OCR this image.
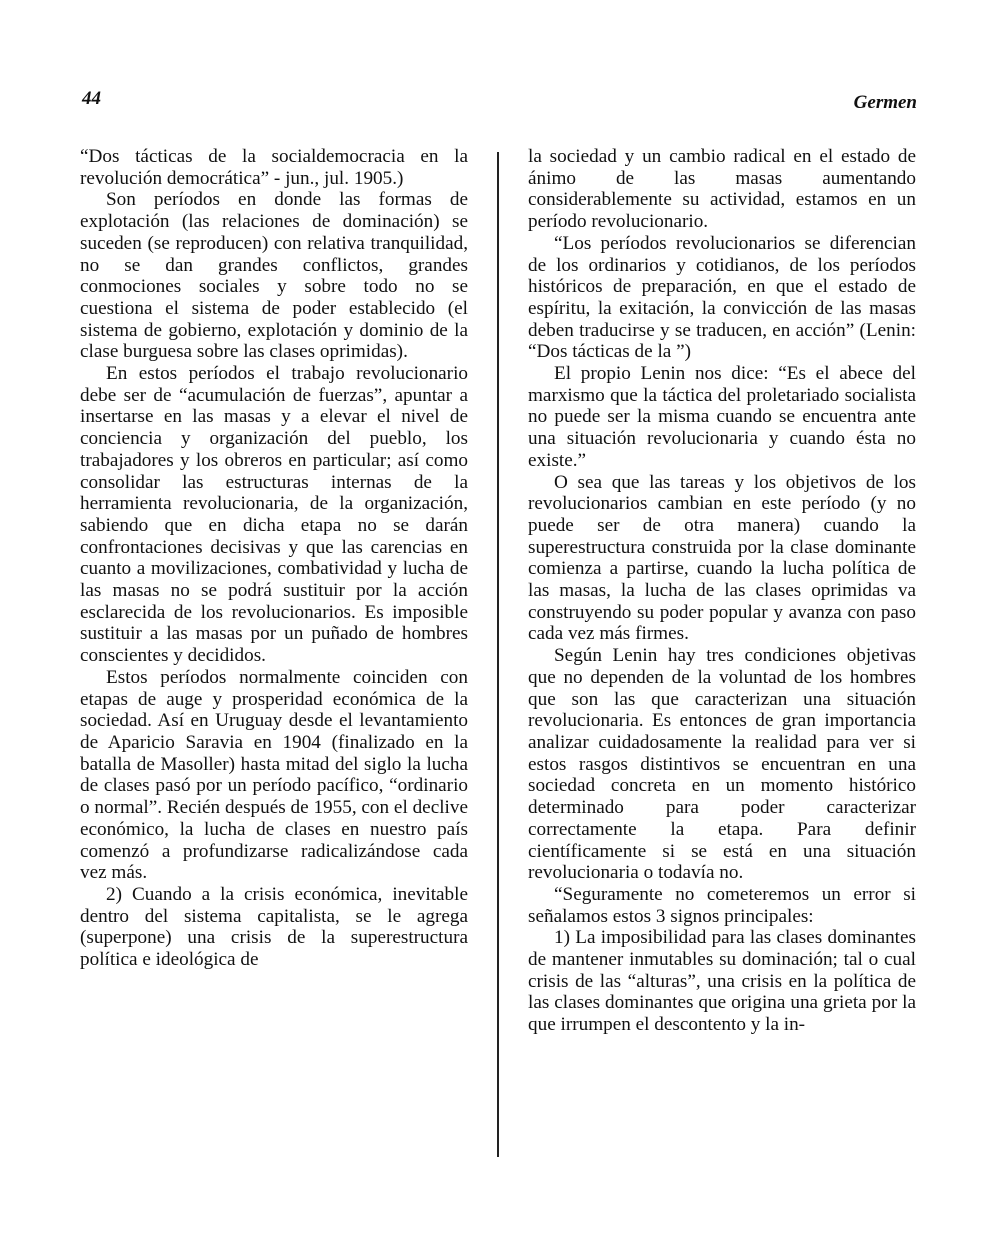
44	Germen

“Dos tácticas de la socialdemocracia en la revolución democrática” - jun., jul. 1905.)

Son períodos en donde las formas de explotación (las relaciones de dominación) se suceden (se reproducen) con relativa tranquilidad, no se dan grandes conflictos, grandes conmociones sociales y sobre todo no se cuestiona el sistema de poder establecido (el sistema de gobierno, explotación y dominio de la clase burguesa sobre las clases oprimidas).

En estos períodos el trabajo revolucionario debe ser de “acumulación de fuerzas”, apuntar a insertarse en las masas y a elevar el nivel de conciencia y organización del pueblo, los trabajadores y los obreros en particular; así como consolidar las estructuras internas de la herramienta revolucionaria, de la organización, sabiendo que en dicha etapa no se darán confrontaciones decisivas y que las carencias en cuanto a movilizaciones, combatividad y lucha de las masas no se podrá sustituir por la acción esclarecida de los revolucionarios. Es imposible sustituir a las masas por un puñado de hombres conscientes y decididos.

Estos períodos normalmente coinciden con etapas de auge y prosperidad económica de la sociedad. Así en Uruguay desde el levantamiento de Aparicio Saravia en 1904 (finalizado en la batalla de Masoller) hasta mitad del siglo la lucha de clases pasó por un período pacífico, “ordinario o normal”. Recién después de 1955, con el declive económico, la lucha de clases en nuestro país comenzó a profundizarse radicalizándose cada vez más.

2) Cuando a la crisis económica, inevitable dentro del sistema capitalista, se le agrega (superpone) una crisis de la superestructura política e ideológica de

la sociedad y un cambio radical en el estado de ánimo de las masas aumentando considerablemente su actividad, estamos en un período revolucionario.

“Los períodos revolucionarios se diferencian de los ordinarios y cotidianos, de los períodos históricos de preparación, en que el estado de espíritu, la exitación, la convicción de las masas deben traducirse y se traducen, en acción” (Lenin: “Dos tácticas de la ”)

El propio Lenin nos dice: “Es el abece del marxismo que la táctica del proletariado socialista no puede ser la misma cuando se encuentra ante una situación revolucionaria y cuando ésta no existe.”

O sea que las tareas y los objetivos de los revolucionarios cambian en este período (y no puede ser de otra manera) cuando la superestructura construida por la clase dominante comienza a partirse, cuando la lucha política de las masas, la lucha de las clases oprimidas va construyendo su poder popular y avanza con paso cada vez más firmes.

Según Lenin hay tres condiciones objetivas que no dependen de la voluntad de los hombres que son las que caracterizan una situación revolucionaria. Es entonces de gran importancia analizar cuidadosamente la realidad para ver si estos rasgos distintivos se encuentran en una sociedad concreta en un momento histórico determinado para poder caracterizar correctamente la etapa. Para definir científicamente si se está en una situación revolucionaria o todavía no.

“Seguramente no cometeremos un error si señalamos estos 3 signos principales:

1) La imposibilidad para las clases dominantes de mantener inmutables su dominación; tal o cual crisis de las “alturas”, una crisis en la política de las clases dominantes que origina una grieta por la que irrumpen el descontento y la in-
